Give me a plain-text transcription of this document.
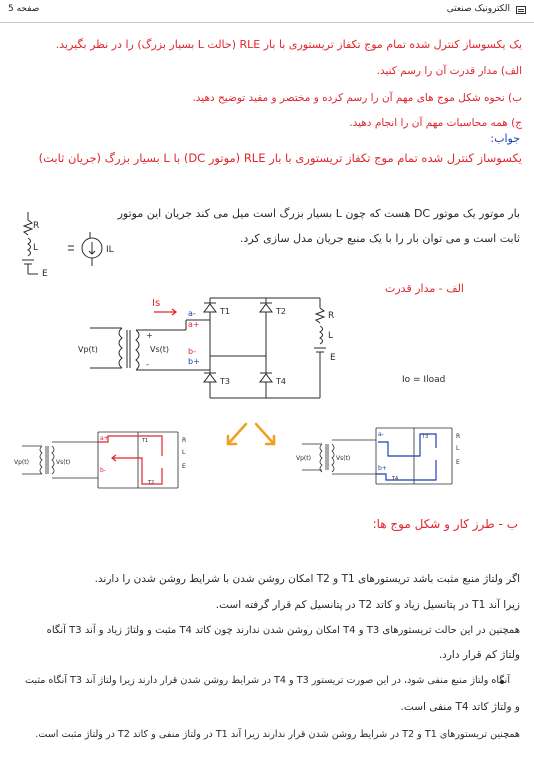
صفحه 5	الکترونیک صنعتی
یک یکسوساز کنترل شده تمام موج تکفاز تریستوری با بار RLE (حالت L بسیار بزرگ) را در نظر بگیرید.
الف) مدار قدرت آن را رسم کنید.
ب) نحوه شکل موج های مهم آن را رسم کرده و مختصر و مفید توضیح دهید.
ج) همه محاسبات مهم آن را انجام دهید.
جواب:
یکسوساز کنترل شده تمام موج تکفاز تریستوری با بار RLE (موتور DC) با L بسیار بزرگ (جریان ثابت)
بار موتور یک موتور DC هست که چون L بسیار بزرگ است میل می کند جریان این موتور
ثابت است و می توان بار را با یک منبع جریان مدل سازی کرد.
الف - مدار قدرت
R
L
E
IL
Is
a-
a+
b-
b+
T1	T2
T3	T4
R
L
E
Vp(t)	Vs(t)
+
-
Io = Iload
Vp(t)	Vs(t)
a+
b-
R
L
E
T1
T2
Vp(t)	Vs(t)
a-
b+
R
L
E
T3
T4
ب - طرز کار و شکل موج ها:
اگر ولتاژ منبع مثبت باشد تریستورهای T1 و T2 امکان روشن شدن با شرایط روشن شدن را دارند.
زیرا آند T1 در پتانسیل زیاد و کاتد T2 در پتانسیل کم قرار گرفته است.
همچنین در این حالت تریستورهای T3 و T4 امکان روشن شدن ندارند چون کاتد T4 مثبت و ولتاژ زیاد و آند T3 آنگاه
ولتاژ کم قرار دارد.
آنگاه ولتاژ منبع منفی شود، در این صورت تریستور T3 و T4 در شرایط روشن شدن قرار دارند زیرا ولتاژ آند T3 آنگاه مثبت
و ولتاژ کاتد T4 منفی است.
همچنین تریستورهای T1 و T2 در شرایط روشن شدن قرار ندارند زیرا آند T1 در ولتاژ منفی و کاتد T2 در ولتاژ مثبت است.
